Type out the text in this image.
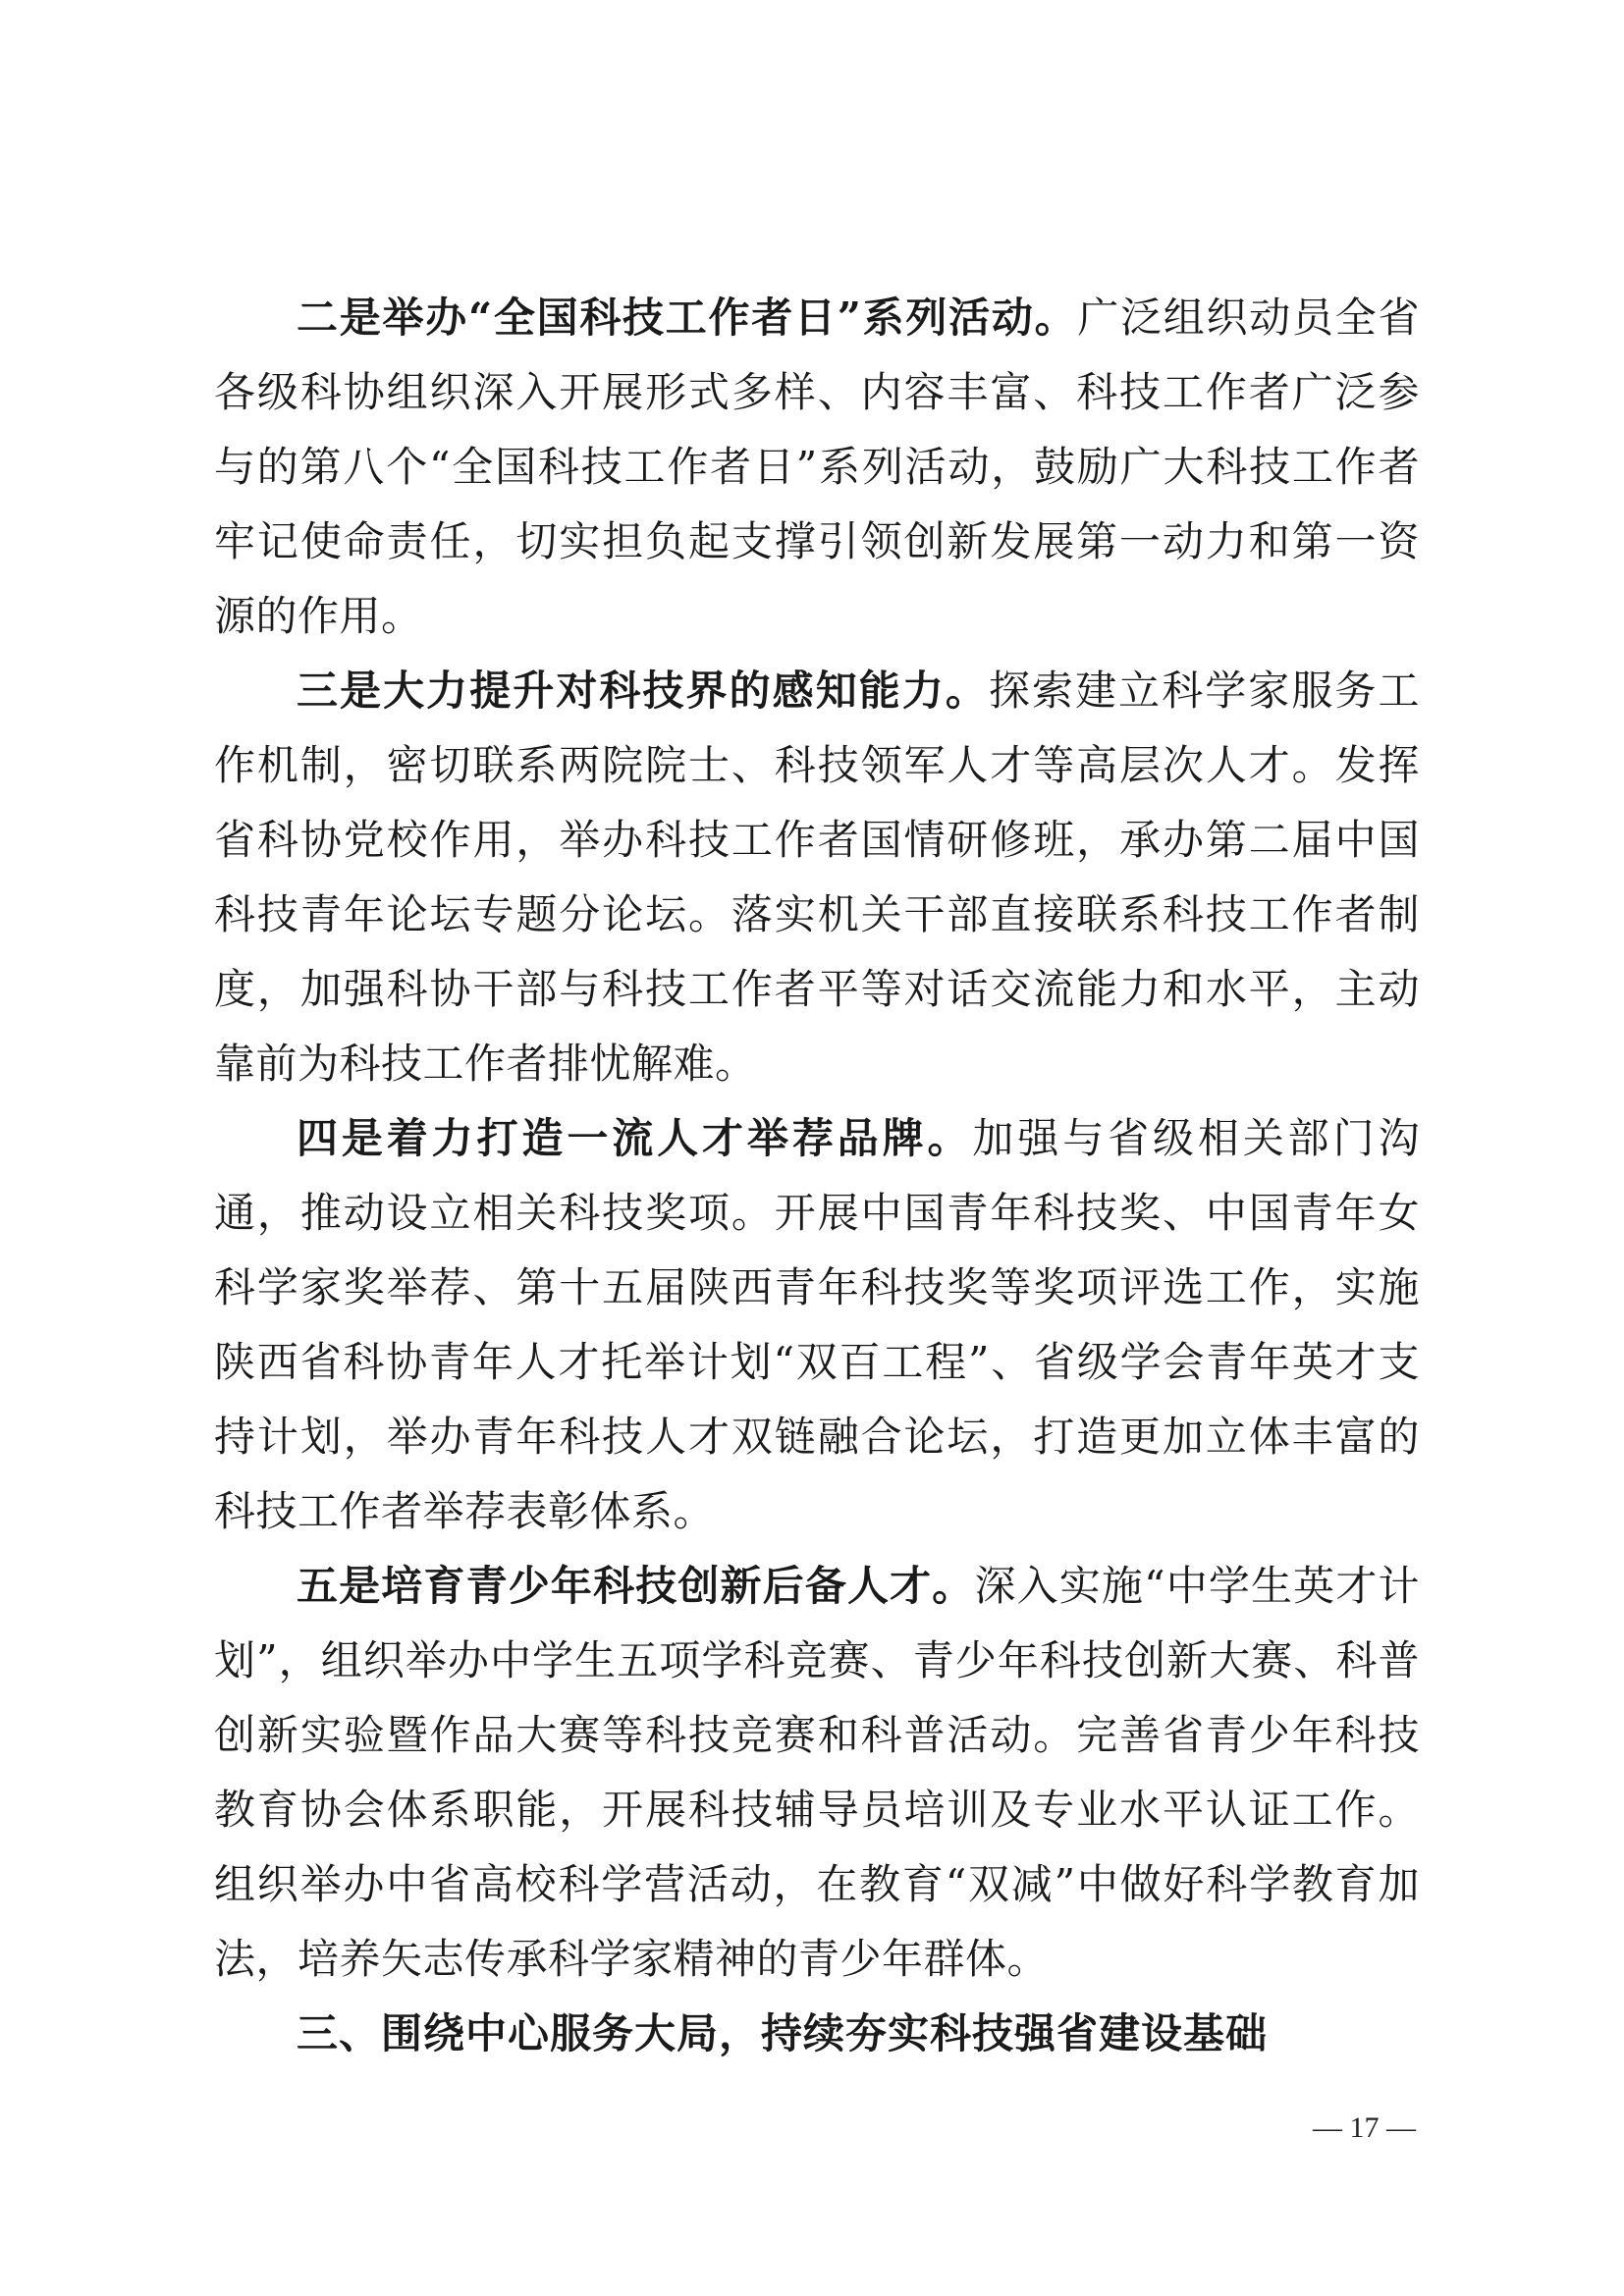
二是举办“全国科技工作者日”系列活动。广泛组织动员全省各级科协组织深入开展形式多样、内容丰富、科技工作者广泛参与的第八个“全国科技工作者日”系列活动，鼓励广大科技工作者牢记使命责任，切实担负起支撑引领创新发展第一动力和第一资源的作用。

三是大力提升对科技界的感知能力。探索建立科学家服务工作机制，密切联系两院院士、科技领军人才等高层次人才。发挥省科协党校作用，举办科技工作者国情研修班，承办第二届中国科技青年论坛专题分论坛。落实机关干部直接联系科技工作者制度，加强科协干部与科技工作者平等对话交流能力和水平，主动靠前为科技工作者排忧解难。

四是着力打造一流人才举荐品牌。加强与省级相关部门沟通，推动设立相关科技奖项。开展中国青年科技奖、中国青年女科学家奖举荐、第十五届陕西青年科技奖等奖项评选工作，实施陕西省科协青年人才托举计划“双百工程”、省级学会青年英才支持计划，举办青年科技人才双链融合论坛，打造更加立体丰富的科技工作者举荐表彰体系。

五是培育青少年科技创新后备人才。深入实施“中学生英才计划”，组织举办中学生五项学科竞赛、青少年科技创新大赛、科普创新实验暨作品大赛等科技竞赛和科普活动。完善省青少年科技教育协会体系职能，开展科技辅导员培训及专业水平认证工作。组织举办中省高校科学营活动，在教育“双减”中做好科学教育加法，培养矢志传承科学家精神的青少年群体。

三、围绕中心服务大局，持续夯实科技强省建设基础

— 17 —
